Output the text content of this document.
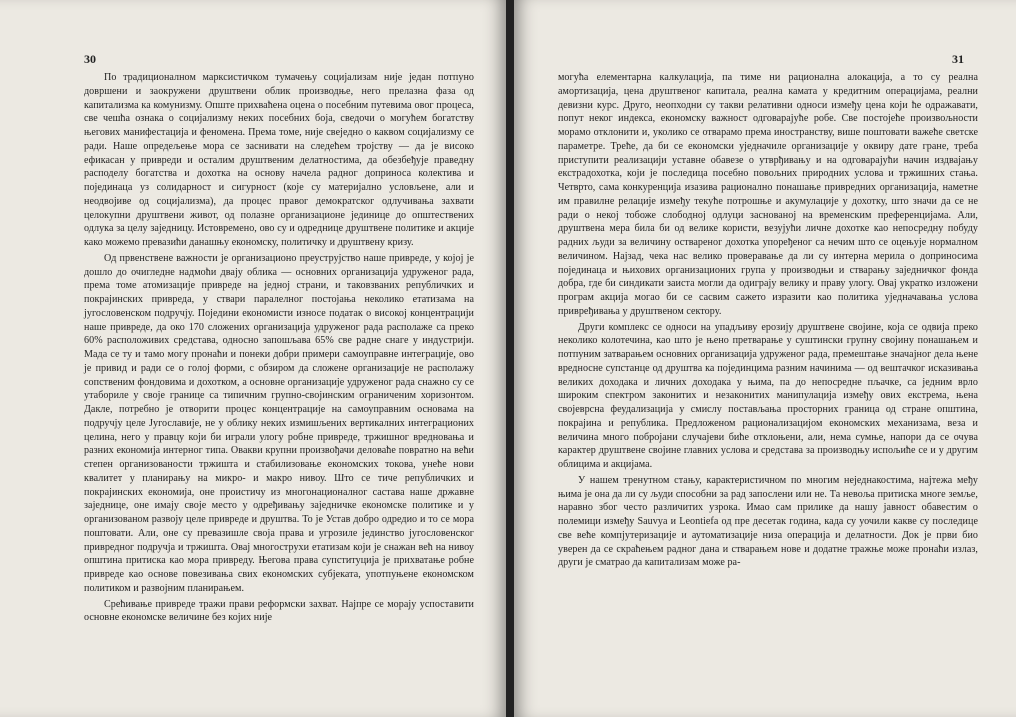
30

По традиционалном марксистичком тумачењу социјализам није један потпуно довршени и заокружени друштвени облик производње, него прелазна фаза од капитализма ка комунизму. Опште прихваћена оцена о посебним путевима овог процеса, све чешћа ознака о социјализму неких посебних боја, сведочи о могућем богатству његових манифестација и феномена. Према томе, није свеједно о каквом социјализму се ради. Наше опредељење мора се заснивати на следећем тројству — да је високо ефикасан у привреди и осталим друштвеним делатностима, да обезбеђује праведну расподелу богатства и дохотка на основу начела радног доприноса колектива и појединаца уз солидарност и сигурност (које су материјално условљене, али и неодвојиве од социјализма), да процес правог демократског одлучивања захвати целокупни друштвени живот, од полазне организационе јединице до општествених одлука за целу заједницу. Истовремено, ово су и одреднице друштвене политике и акције како можемо превазићи данашњу економску, политичку и друштвену кризу.

Од првенствене важности је организационо преуструјство наше привреде, у којој је дошло до очигледне надмоћи двају облика — основних организација удруженог рада, према томе атомизације привреде на једној страни, и таковзваних републичких и покрајинских привреда, у ствари паралелног постојања неколико етатизама на југословенском подручју. Поједини економисти износе податак о високој концентрацији наше привреде, да око 170 сложених организација удруженог рада располаже са преко 60% расположивих средстава, односно запошљава 65% све радне снаге у индустрији. Мада се ту и тамо могу пронаћи и понеки добри примери самоуправне интеграције, ово је привид и ради се о голој форми, с обзиром да сложене организације не располажу сопственим фондовима и дохотком, а основне организације удруженог рада снажно су се утабориле у своје границе са типичним групно-својинским ограниченим хоризонтом. Дакле, потребно је отворити процес концентрације на самоуправним основама на подручју целе Југославије, не у облику неких измишљених вертикалних интеграционих целина, него у правцу који би играли улогу робне привреде, тржишног вредновања и разних економија интерног типа. Овакви крупни произвођачи деловаће повратно на већи степен организованости тржишта и стабилизовање економских токова, унеће нови квалитет у планирању на микро- и макро нивоу. Што се тиче републичких и покрајинских економија, оне проистичу из многонационалног састава наше државне заједнице, оне имају своје место у одређивању заједничке економске политике и у организованом развоју целе привреде и друштва. То је Устав добро одредио и то се мора поштовати. Али, оне су превазишле своја права и угрозиле јединство југословенског привредног подручја и тржишта. Овај многострухи етатизам који је снажан већ на нивоу општина притиска као мора привреду. Његова права супституција је прихватање робне привреде као основе повезивања свих економских субјеката, употпуњене економском политиком и развојним планирањем.

Срећивање привреде тражи прави реформски захват. Најпре се морају успоставити основне економске величине без којих није

31

могућа елементарна калкулација, па тиме ни рационална алокација, а то су реална амортизација, цена друштвеног капитала, реална камата у кредитним операцијама, реални девизни курс. Друго, неопходни су такви релативни односи између цена који ће одражавати, попут неког индекса, економску важност одговарајуће робе. Све постојеће произвољности морамо отклонити и, уколико се отварамо према иностранству, више поштовати важеће светске параметре. Треће, да би се економски уједначиле организације у оквиру дате гране, треба приступити реализацији уставне обавезе о утврђивању и на одговарајући начин издвајању екстрадохотка, који је последица посебно повољних природних услова и тржишних стања. Четврто, сама конкуренција изазива рационално понашање привредних организација, наметне им правилне релације између текуће потрошње и акумулације у дохотку, што значи да се не ради о некој тобоже слободној одлуци заснованој на временским преференцијама. Али, друштвена мера била би од велике користи, везујући личне дохотке као непосредну побуду радних људи за величину оствареног дохотка упоређеног са нечим што се оцењује нормалном величином. Најзад, чека нас велико проверавање да ли су интерна мерила о доприносима појединаца и њихових организационих група у производњи и стварању заједничког фонда добра, где би синдикати заиста могли да одиграју велику и праву улогу. Овај укратко изложени програм акција могао би се сасвим сажето изразити као политика уједначавања услова привређивања у друштвеном сектору.

Други комплекс се односи на упадљиву ерозију друштвене својине, која се одвија преко неколико колотечина, као што је њено претварање у суштински групну својину понашањем и потпуним затварањем основних организација удруженог рада, премештање значајног дела њене вредносне супстанце од друштва ка појединцима разним начинима — од вештачког исказивања великих доходака и личних доходака у њима, па до непосредне пљачке, са једним врло широким спектром законитих и незаконитих манипулација између ових екстрема, њена својеврсна феудализација у смислу постављања просторних граница од стране општина, покрајина и република. Предложеном рационализацијом економских механизама, веза и величина много побројани случајеви биће отклоњени, али, нема сумње, напори да се очува карактер друштвене својине главних услова и средстава за производњу испољиће се и у другим облицима и акцијама.

У нашем тренутном стању, карактеристичном по многим неједнакостима, најтежа међу њима је она да ли су људи способни за рад запослени или не. Та невоља притиска многе земље, наравно због често различитих узрока. Имао сам прилике да нашу јавност обавестим о полемици између Sauvya и Leontiefa од пре десетак година, када су уочили какве су последице све веће компјутеризације и аутоматизације низа операција и делатности. Док је први био уверен да се скраћењем радног дана и стварањем нове и додатне тражње може пронаћи излаз, други је сматрао да капитализам може ра-
